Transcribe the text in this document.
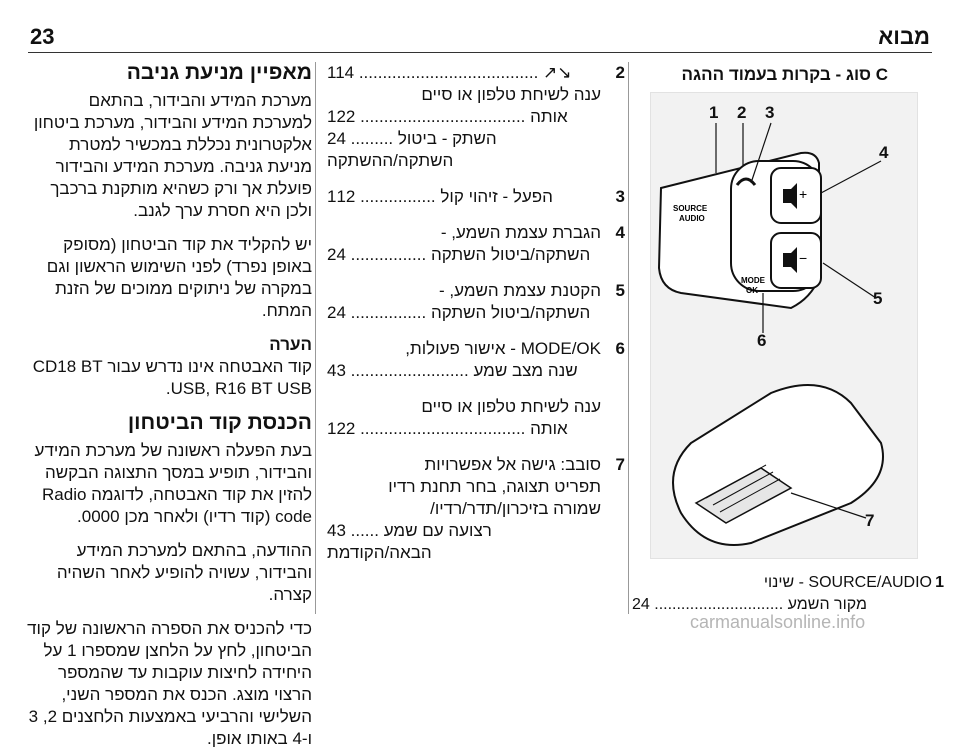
23	מבוא
מאפיין מניעת גניבה

מערכת המידע והבידור, בהתאם למערכת המידע והבידור, מערכת ביטחון אלקטרונית נכללת במכשיר למטרת מניעת גניבה. מערכת המידע והבידור פועלת אך ורק כשהיא מותקנת ברכבך ולכן היא חסרת ערך לגנב.

יש להקליד את קוד הביטחון (מסופק באופן נפרד) לפני השימוש הראשון וגם במקרה של ניתוקים ממוכים של הזנת המתח.

הערה

קוד האבטחה אינו נדרש עבור CD18 BT USB, R16 BT USB.

הכנסת קוד הביטחון

בעת הפעלה ראשונה של מערכת המידע והבידור, תופיע במסך התצוגה הבקשה להזין את קוד האבטחה, לדוגמה Radio code (קוד רדיו) ולאחר מכן 0000.

ההודעה, בהתאם למערכת המידע והבידור, עשויה להופיע לאחר השהיה קצרה.

כדי להכניס את הספרה הראשונה של קוד הביטחון, לחץ על הלחצן שמספרו 1 על היחידה לחיצות עוקבות עד שהמספר הרצוי מוצג. הכנס את המספר השני, השלישי והרביעי באמצעות הלחצנים 2, 3 ו-4 באותו אופן.

2
114 ...................................... ↗↘
ענה לשיחת טלפון או סיים
122 ................................... אותה
24 ......... השתק - ביטול השתקה/ההשתקה
3
112 ................ הפעל - זיהוי קול
4
הגברת עצמת השמע, -
24 ................ השתקה/ביטול השתקה
5
הקטנת עצמת השמע, -
24 ................ השתקה/ביטול השתקה
6
MODE/OK - אישור פעולות,
43 ......................... שנה מצב שמע
ענה לשיחת טלפון או סיים
122 ................................... אותה
7
סובב: גישה אל אפשרויות
תפריט תצוגה, בחר תחנת רדיו
שמורה בזיכרון/תדר/רדיו/
43 ...... רצועה עם שמע הבאה/הקודמת
C סוג - בקרות בעמוד ההגה
SOURCE
AUDIO
MODE
OK
+
−
1 2 3
4
5
6
7
1
SOURCE/AUDIO - שינוי
24 ............................. מקור השמע
carmanualsonline.info
